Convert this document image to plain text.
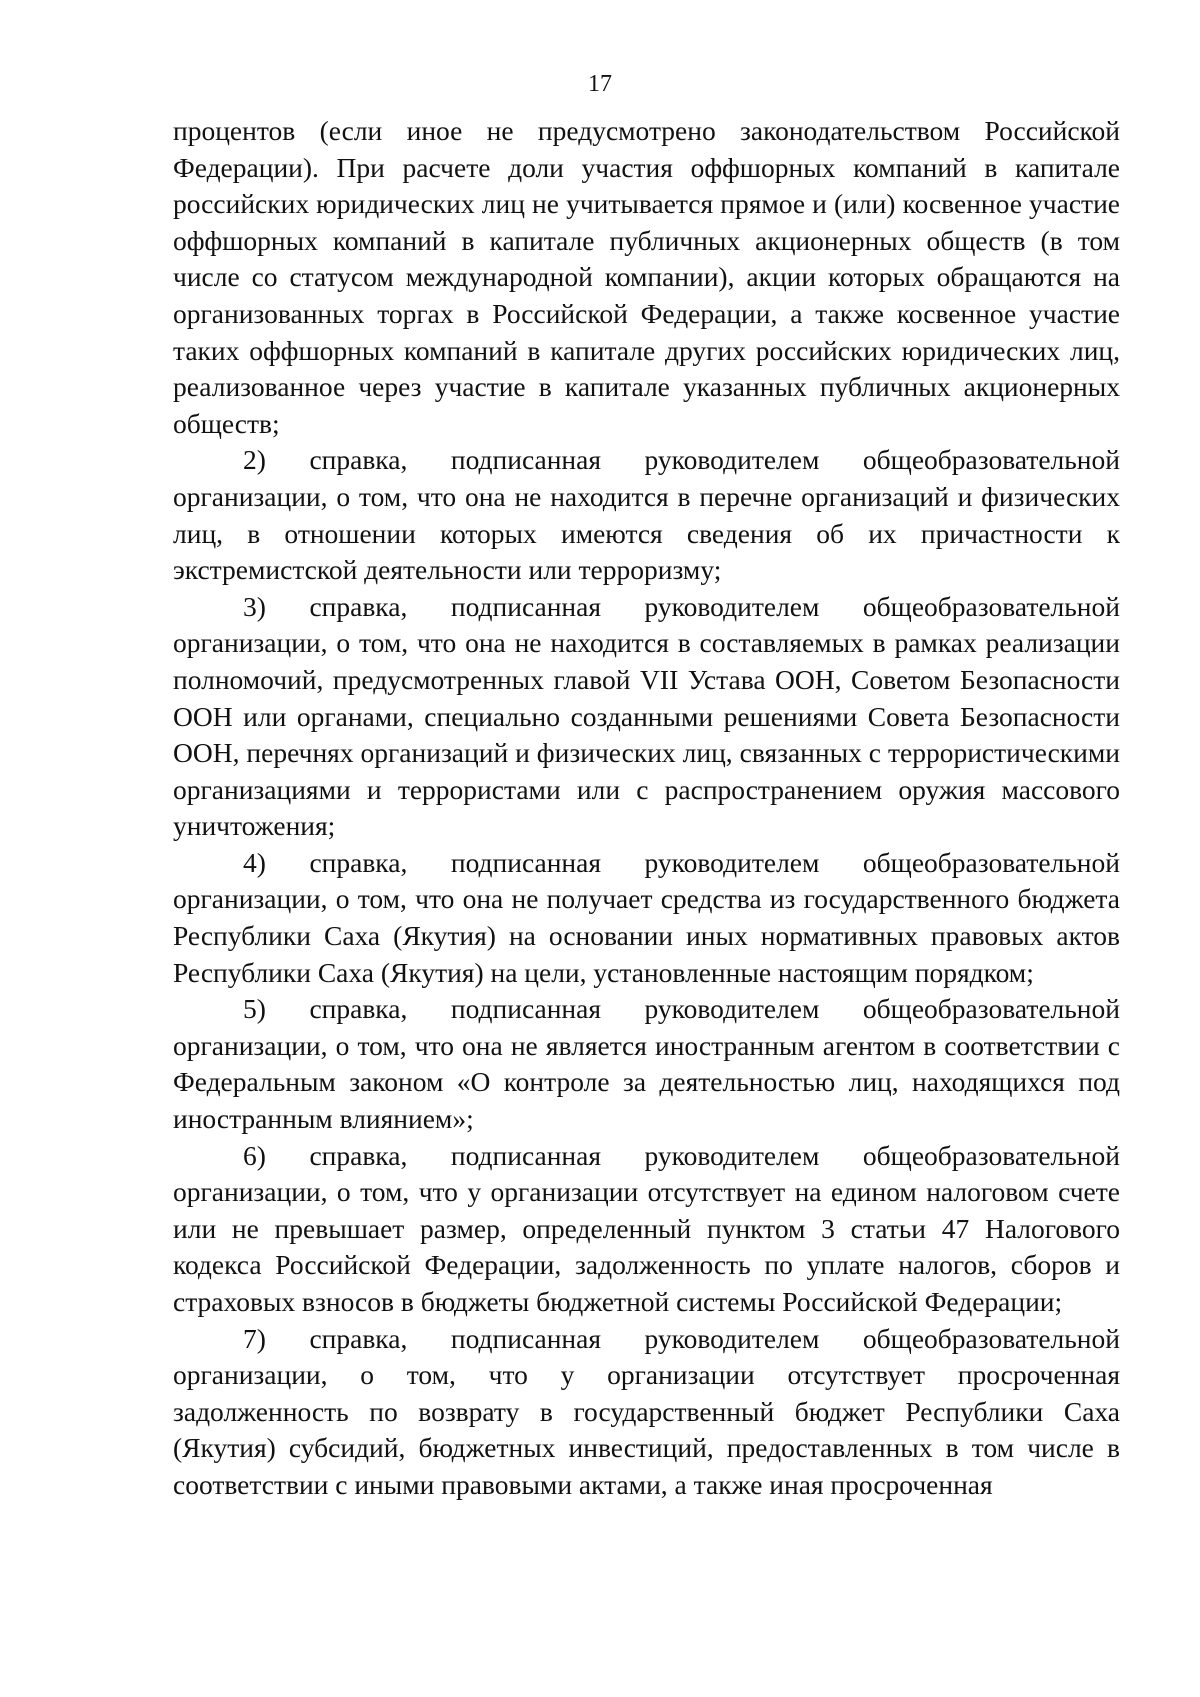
17

процентов (если иное не предусмотрено законодательством Российской Федерации). При расчете доли участия оффшорных компаний в капитале российских юридических лиц не учитывается прямое и (или) косвенное участие оффшорных компаний в капитале публичных акционерных обществ (в том числе со статусом международной компании), акции которых обращаются на организованных торгах в Российской Федерации, а также косвенное участие таких оффшорных компаний в капитале других российских юридических лиц, реализованное через участие в капитале указанных публичных акционерных обществ;

2) справка, подписанная руководителем общеобразовательной организации, о том, что она не находится в перечне организаций и физических лиц, в отношении которых имеются сведения об их причастности к экстремистской деятельности или терроризму;

3) справка, подписанная руководителем общеобразовательной организации, о том, что она не находится в составляемых в рамках реализации полномочий, предусмотренных главой VII Устава ООН, Советом Безопасности ООН или органами, специально созданными решениями Совета Безопасности ООН, перечнях организаций и физических лиц, связанных с террористическими организациями и террористами или с распространением оружия массового уничтожения;

4) справка, подписанная руководителем общеобразовательной организации, о том, что она не получает средства из государственного бюджета Республики Саха (Якутия) на основании иных нормативных правовых актов Республики Саха (Якутия) на цели, установленные настоящим порядком;

5) справка, подписанная руководителем общеобразовательной организации, о том, что она не является иностранным агентом в соответствии с Федеральным законом «О контроле за деятельностью лиц, находящихся под иностранным влиянием»;

6) справка, подписанная руководителем общеобразовательной организации, о том, что у организации отсутствует на едином налоговом счете или не превышает размер, определенный пунктом 3 статьи 47 Налогового кодекса Российской Федерации, задолженность по уплате налогов, сборов и страховых взносов в бюджеты бюджетной системы Российской Федерации;

7) справка, подписанная руководителем общеобразовательной организации, о том, что у организации отсутствует просроченная задолженность по возврату в государственный бюджет Республики Саха (Якутия) субсидий, бюджетных инвестиций, предоставленных в том числе в соответствии с иными правовыми актами, а также иная просроченная
